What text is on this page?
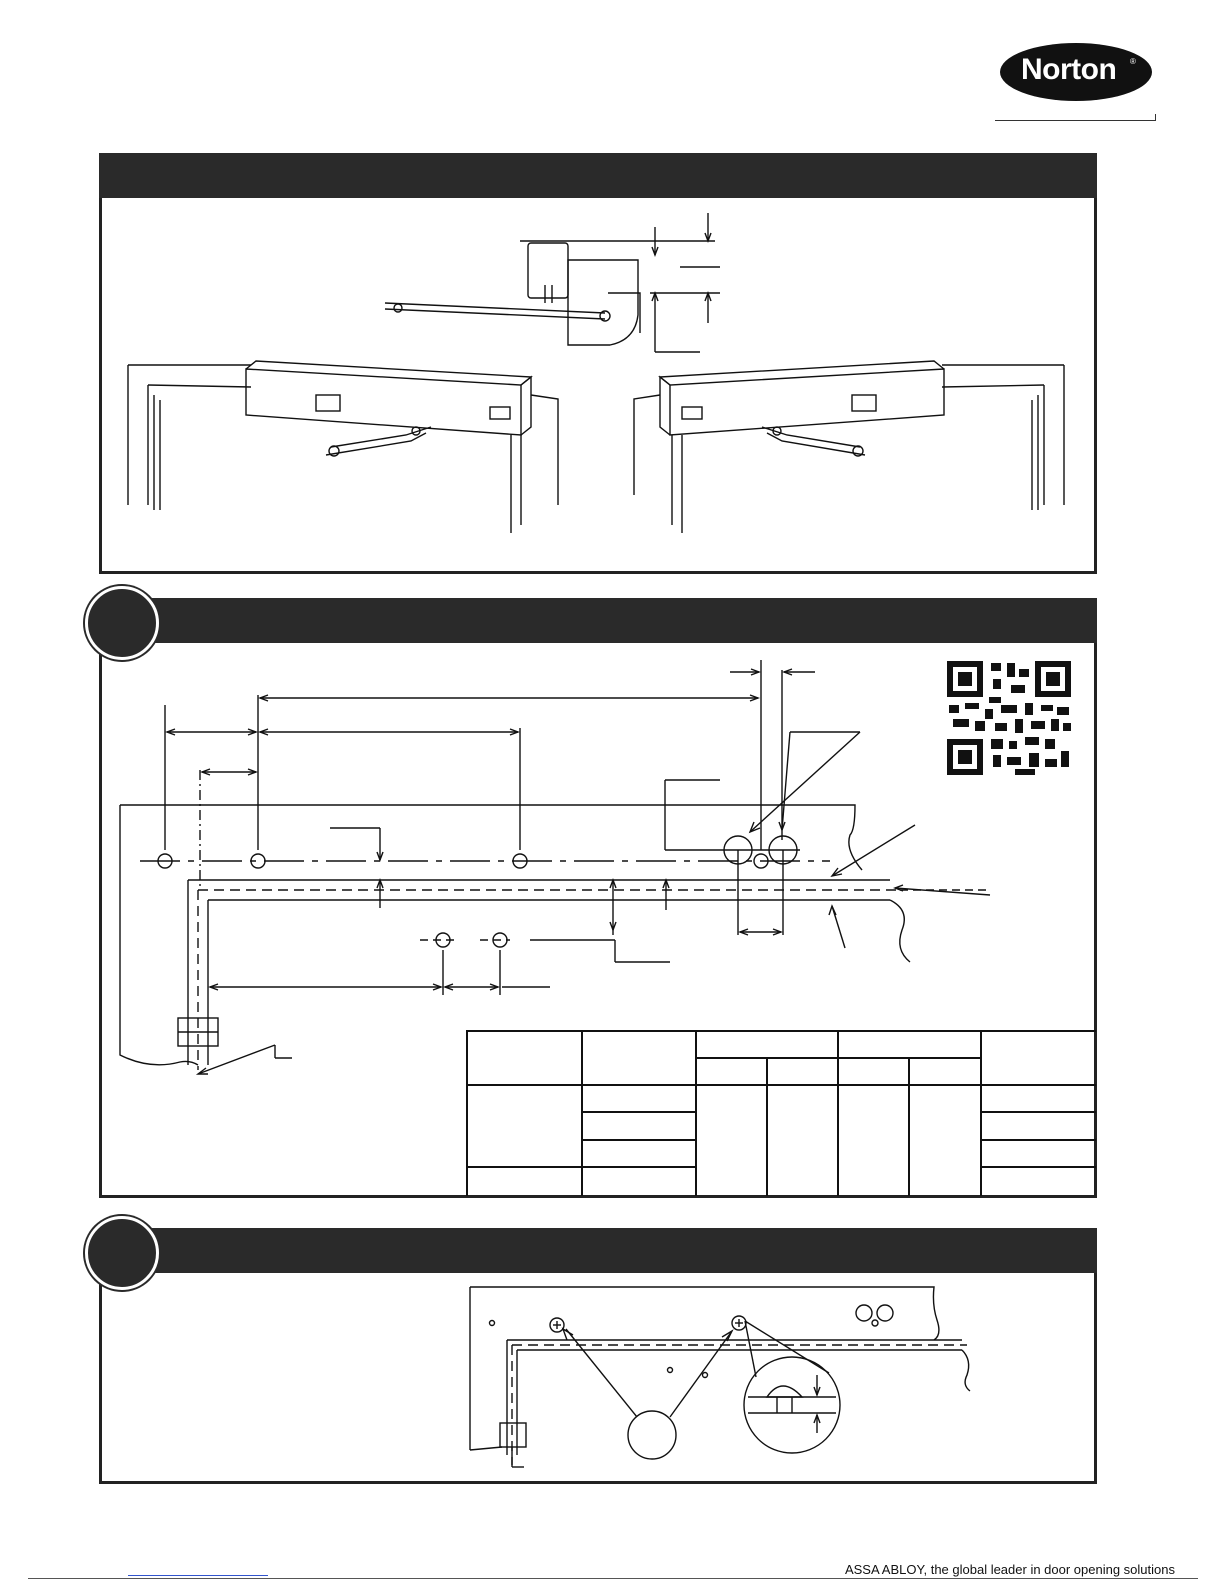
Norton ®
ASSA ABLOY, the global leader in door opening solutions
